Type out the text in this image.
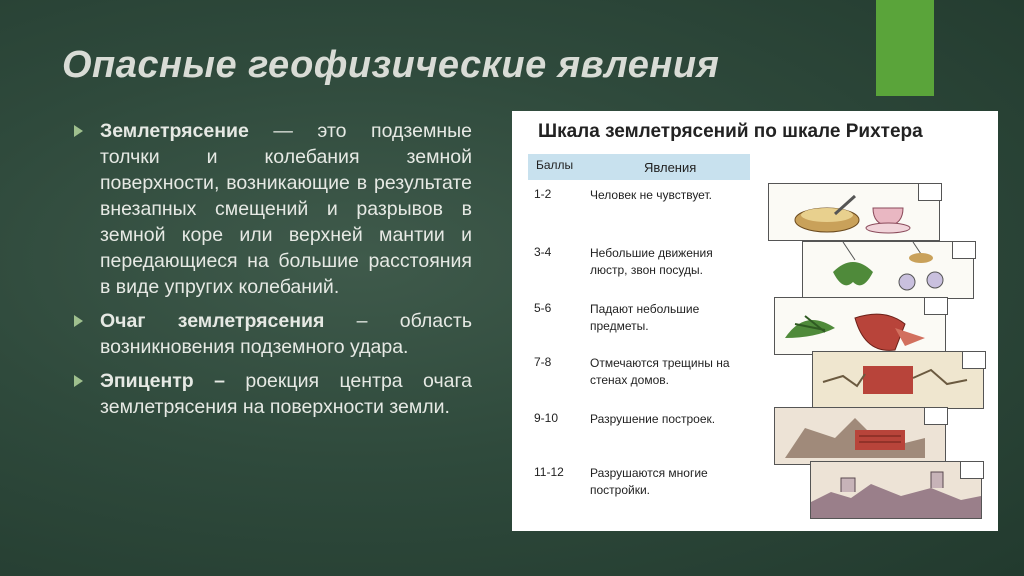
Опасные геофизические явления
Землетрясение — это подземные толчки и колебания земной поверхности, возникающие в результате внезапных смещений и разрывов в земной коре или верхней мантии и передающиеся на большие расстояния в виде упругих колебаний.
Очаг землетрясения – область возникновения подземного удара.
Эпицентр – роекция центра очага землетрясения на поверхности земли.
Шкала землетрясений по шкале Рихтера
Баллы	Явления
1-2	Человек не чувствует.
3-4	Небольшие движения люстр, звон посуды.
5-6	Падают небольшие предметы.
7-8	Отмечаются трещины на стенах домов.
9-10	Разрушение построек.
11-12 Разрушаются многие постройки.
